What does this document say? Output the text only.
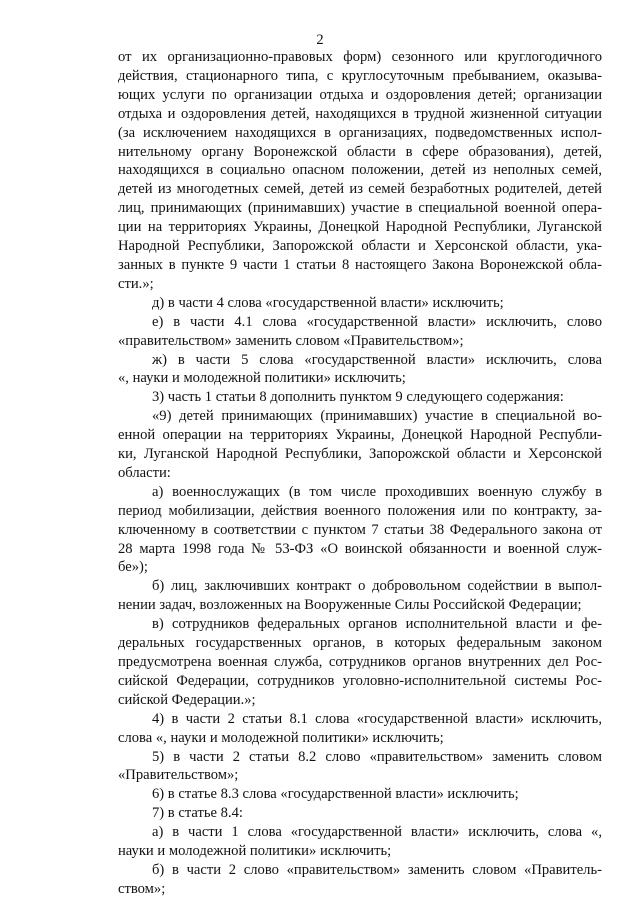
2

от их организационно-правовых форм) сезонного или круглогодичного
действия, стационарного типа, с круглосуточным пребыванием, оказыва-
ющих услуги по организации отдыха и оздоровления детей; организации
отдыха и оздоровления детей, находящихся в трудной жизненной ситуации
(за исключением находящихся в организациях, подведомственных испол-
нительному органу Воронежской области в сфере образования), детей,
находящихся в социально опасном положении, детей из неполных семей,
детей из многодетных семей, детей из семей безработных родителей, детей
лиц, принимающих (принимавших) участие в специальной военной опера-
ции на территориях Украины, Донецкой Народной Республики, Луганской
Народной Республики, Запорожской области и Херсонской области, ука-
занных в пункте 9 части 1 статьи 8 настоящего Закона Воронежской обла-
сти.»;

д) в части 4 слова «государственной власти» исключить;

е) в части 4.1 слова «государственной власти» исключить, слово
«правительством» заменить словом «Правительством»;

ж) в части 5 слова «государственной власти» исключить, слова
«, науки и молодежной политики» исключить;

3) часть 1 статьи 8 дополнить пунктом 9 следующего содержания:

«9) детей принимающих (принимавших) участие в специальной во-
енной операции на территориях Украины, Донецкой Народной Республи-
ки, Луганской Народной Республики, Запорожской области и Херсонской
области:

а) военнослужащих (в том числе проходивших военную службу в
период мобилизации, действия военного положения или по контракту, за-
ключенному в соответствии с пунктом 7 статьи 38 Федерального закона от
28 марта 1998 года № 53-ФЗ «О воинской обязанности и военной служ-
бе»);

б) лиц, заключивших контракт о добровольном содействии в выпол-
нении задач, возложенных на Вооруженные Силы Российской Федерации;

в) сотрудников федеральных органов исполнительной власти и фе-
деральных государственных органов, в которых федеральным законом
предусмотрена военная служба, сотрудников органов внутренних дел Рос-
сийской Федерации, сотрудников уголовно-исполнительной системы Рос-
сийской Федерации.»;

4) в части 2 статьи 8.1 слова «государственной власти» исключить,
слова «, науки и молодежной политики» исключить;

5) в части 2 статьи 8.2 слово «правительством» заменить словом
«Правительством»;

6) в статье 8.3 слова «государственной власти» исключить;

7) в статье 8.4:

а) в части 1 слова «государственной власти» исключить, слова «,
науки и молодежной политики» исключить;

б) в части 2 слово «правительством» заменить словом «Правитель-
ством»;
